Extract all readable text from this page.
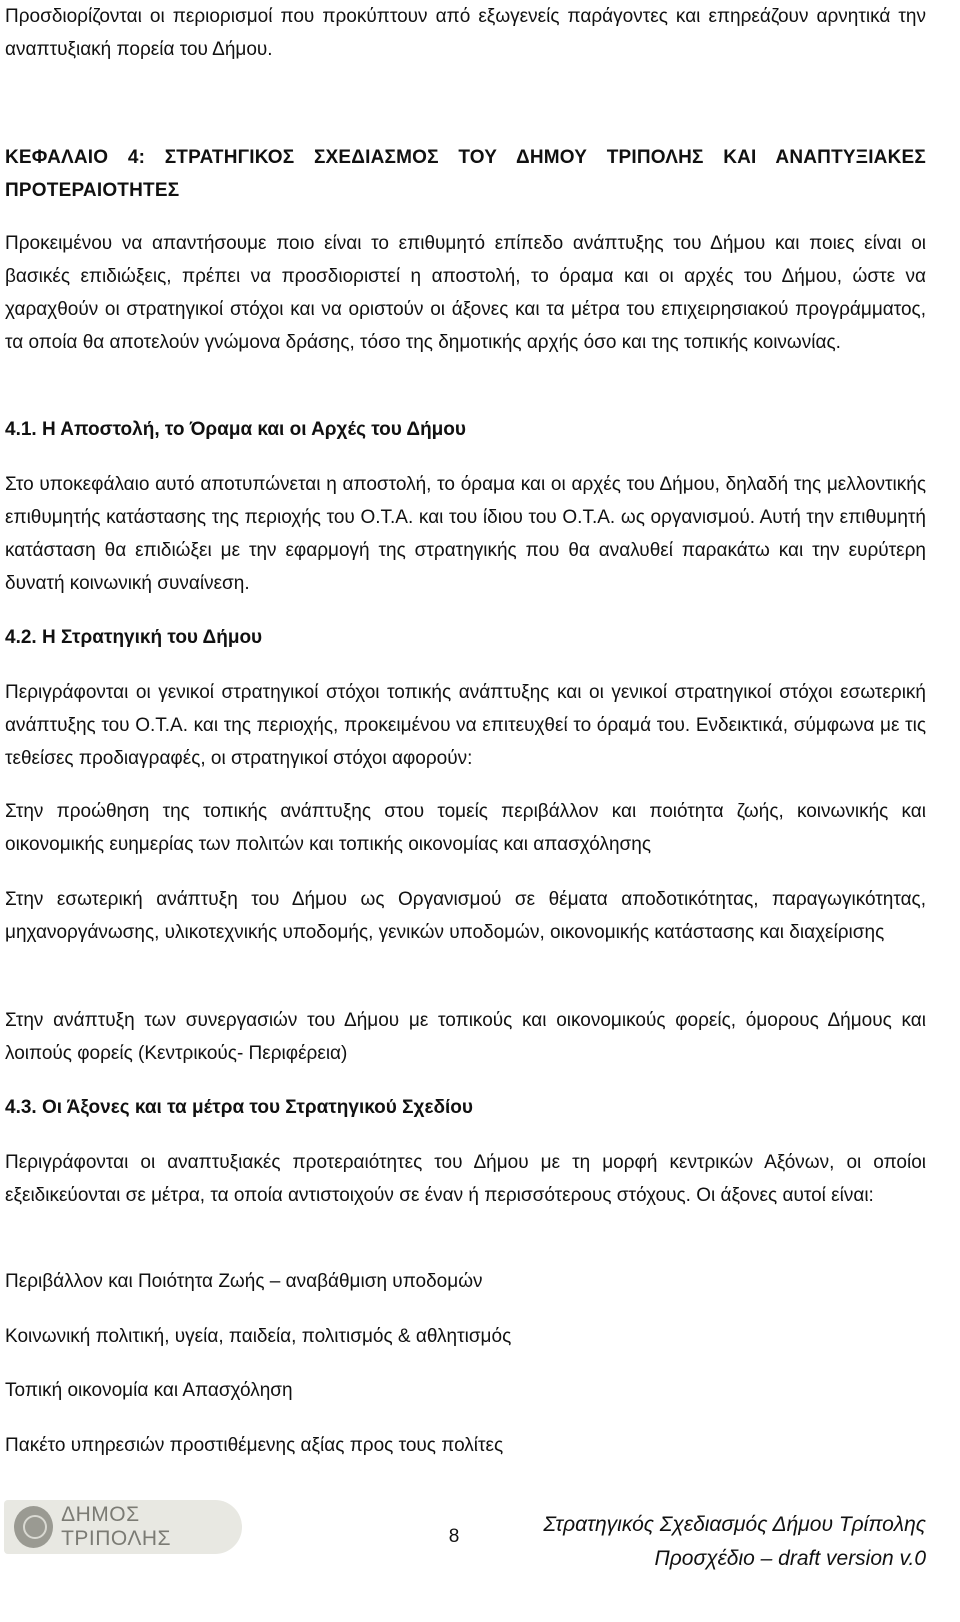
Προσδιορίζονται οι περιορισμοί που προκύπτουν από εξωγενείς παράγοντες και επηρεάζουν αρνητικά την αναπτυξιακή πορεία του Δήμου.

ΚΕΦΑΛΑΙΟ 4: ΣΤΡΑΤΗΓΙΚΟΣ ΣΧΕΔΙΑΣΜΟΣ ΤΟΥ ΔΗΜΟΥ ΤΡΙΠΟΛΗΣ ΚΑΙ ΑΝΑΠΤΥΞΙΑΚΕΣ ΠΡΟΤΕΡΑΙΟΤΗΤΕΣ

Προκειμένου να απαντήσουμε ποιο είναι το επιθυμητό επίπεδο ανάπτυξης του Δήμου και ποιες είναι οι βασικές επιδιώξεις, πρέπει να προσδιοριστεί η αποστολή, το όραμα και οι αρχές του Δήμου, ώστε να χαραχθούν οι στρατηγικοί στόχοι και να οριστούν οι άξονες και τα μέτρα του επιχειρησιακού προγράμματος, τα οποία θα αποτελούν γνώμονα δράσης, τόσο της δημοτικής αρχής όσο και της τοπικής κοινωνίας.

4.1. Η Αποστολή, το Όραμα και οι Αρχές του Δήμου

Στο υποκεφάλαιο αυτό αποτυπώνεται η αποστολή, το όραμα και οι αρχές του Δήμου, δηλαδή της μελλοντικής επιθυμητής κατάστασης της περιοχής του Ο.Τ.Α. και του ίδιου του Ο.Τ.Α. ως οργανισμού. Αυτή την επιθυμητή κατάσταση θα επιδιώξει με την εφαρμογή της στρατηγικής που θα αναλυθεί παρακάτω και την ευρύτερη δυνατή κοινωνική συναίνεση.

4.2. Η Στρατηγική του Δήμου

Περιγράφονται οι γενικοί στρατηγικοί στόχοι τοπικής ανάπτυξης και οι γενικοί στρατηγικοί στόχοι εσωτερική ανάπτυξης του Ο.Τ.Α. και της περιοχής, προκειμένου να επιτευχθεί το όραμά του. Ενδεικτικά, σύμφωνα με τις τεθείσες προδιαγραφές, οι στρατηγικοί στόχοι αφορούν:

Στην προώθηση της τοπικής ανάπτυξης στου τομείς περιβάλλον και ποιότητα ζωής, κοινωνικής και οικονομικής ευημερίας των πολιτών και τοπικής οικονομίας και απασχόλησης

Στην εσωτερική ανάπτυξη του Δήμου ως Οργανισμού σε θέματα αποδοτικότητας, παραγωγικότητας, μηχανοργάνωσης, υλικοτεχνικής υποδομής, γενικών υποδομών, οικονομικής κατάστασης και διαχείρισης

Στην ανάπτυξη των συνεργασιών του Δήμου με τοπικούς και οικονομικούς φορείς, όμορους Δήμους και λοιπούς φορείς (Κεντρικούς- Περιφέρεια)

4.3. Οι Άξονες και τα μέτρα του Στρατηγικού Σχεδίου

Περιγράφονται οι αναπτυξιακές προτεραιότητες του Δήμου με τη μορφή κεντρικών Αξόνων, οι οποίοι εξειδικεύονται σε μέτρα, τα οποία αντιστοιχούν σε έναν ή περισσότερους στόχους. Οι άξονες αυτοί είναι:

Περιβάλλον και Ποιότητα Ζωής – αναβάθμιση υποδομών

Κοινωνική πολιτική, υγεία, παιδεία, πολιτισμός & αθλητισμός

Τοπική οικονομία και Απασχόληση

Πακέτο υπηρεσιών προστιθέμενης αξίας προς τους πολίτες

ΔΗΜΟΣ ΤΡΙΠΟΛΗΣ	8
Στρατηγικός Σχεδιασμός Δήμου Τρίπολης
Προσχέδιο – draft version v.0
